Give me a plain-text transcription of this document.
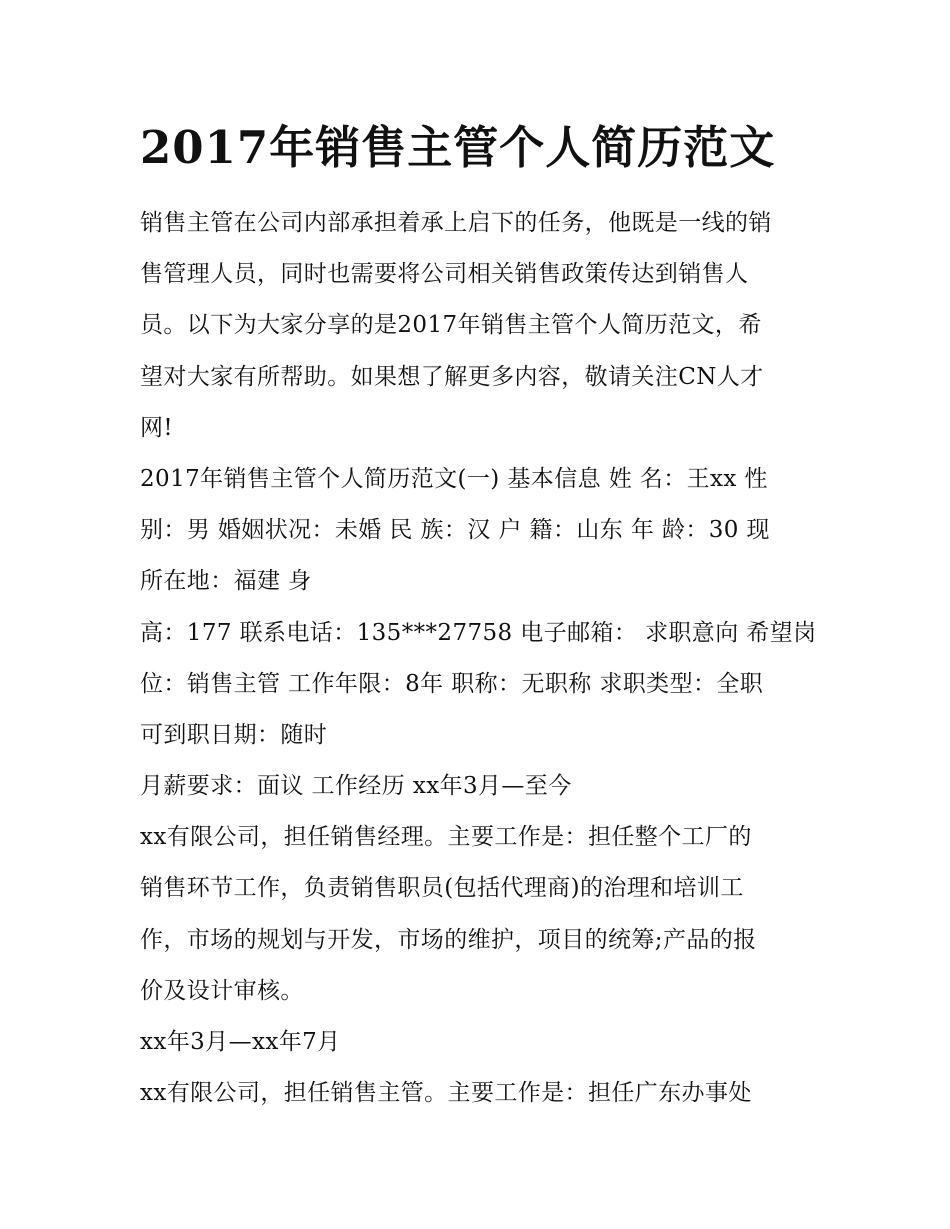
2017年销售主管个人简历范文
销售主管在公司内部承担着承上启下的任务，他既是一线的销
售管理人员，同时也需要将公司相关销售政策传达到销售人
员。以下为大家分享的是2017年销售主管个人简历范文，希
望对大家有所帮助。如果想了解更多内容，敬请关注CN人才
网!
2017年销售主管个人简历范文(一) 基本信息 姓 名：王xx 性
别：男 婚姻状况：未婚 民 族：汉 户 籍：山东 年 龄：30 现
所在地：福建 身
高：177 联系电话：135***27758 电子邮箱： 求职意向 希望岗
位：销售主管 工作年限：8年 职称：无职称 求职类型：全职
可到职日期：随时
月薪要求：面议 工作经历 xx年3月—至今
xx有限公司，担任销售经理。主要工作是：担任整个工厂的
销售环节工作，负责销售职员(包括代理商)的治理和培训工
作，市场的规划与开发，市场的维护，项目的统筹;产品的报
价及设计审核。
xx年3月—xx年7月
xx有限公司，担任销售主管。主要工作是：担任广东办事处
